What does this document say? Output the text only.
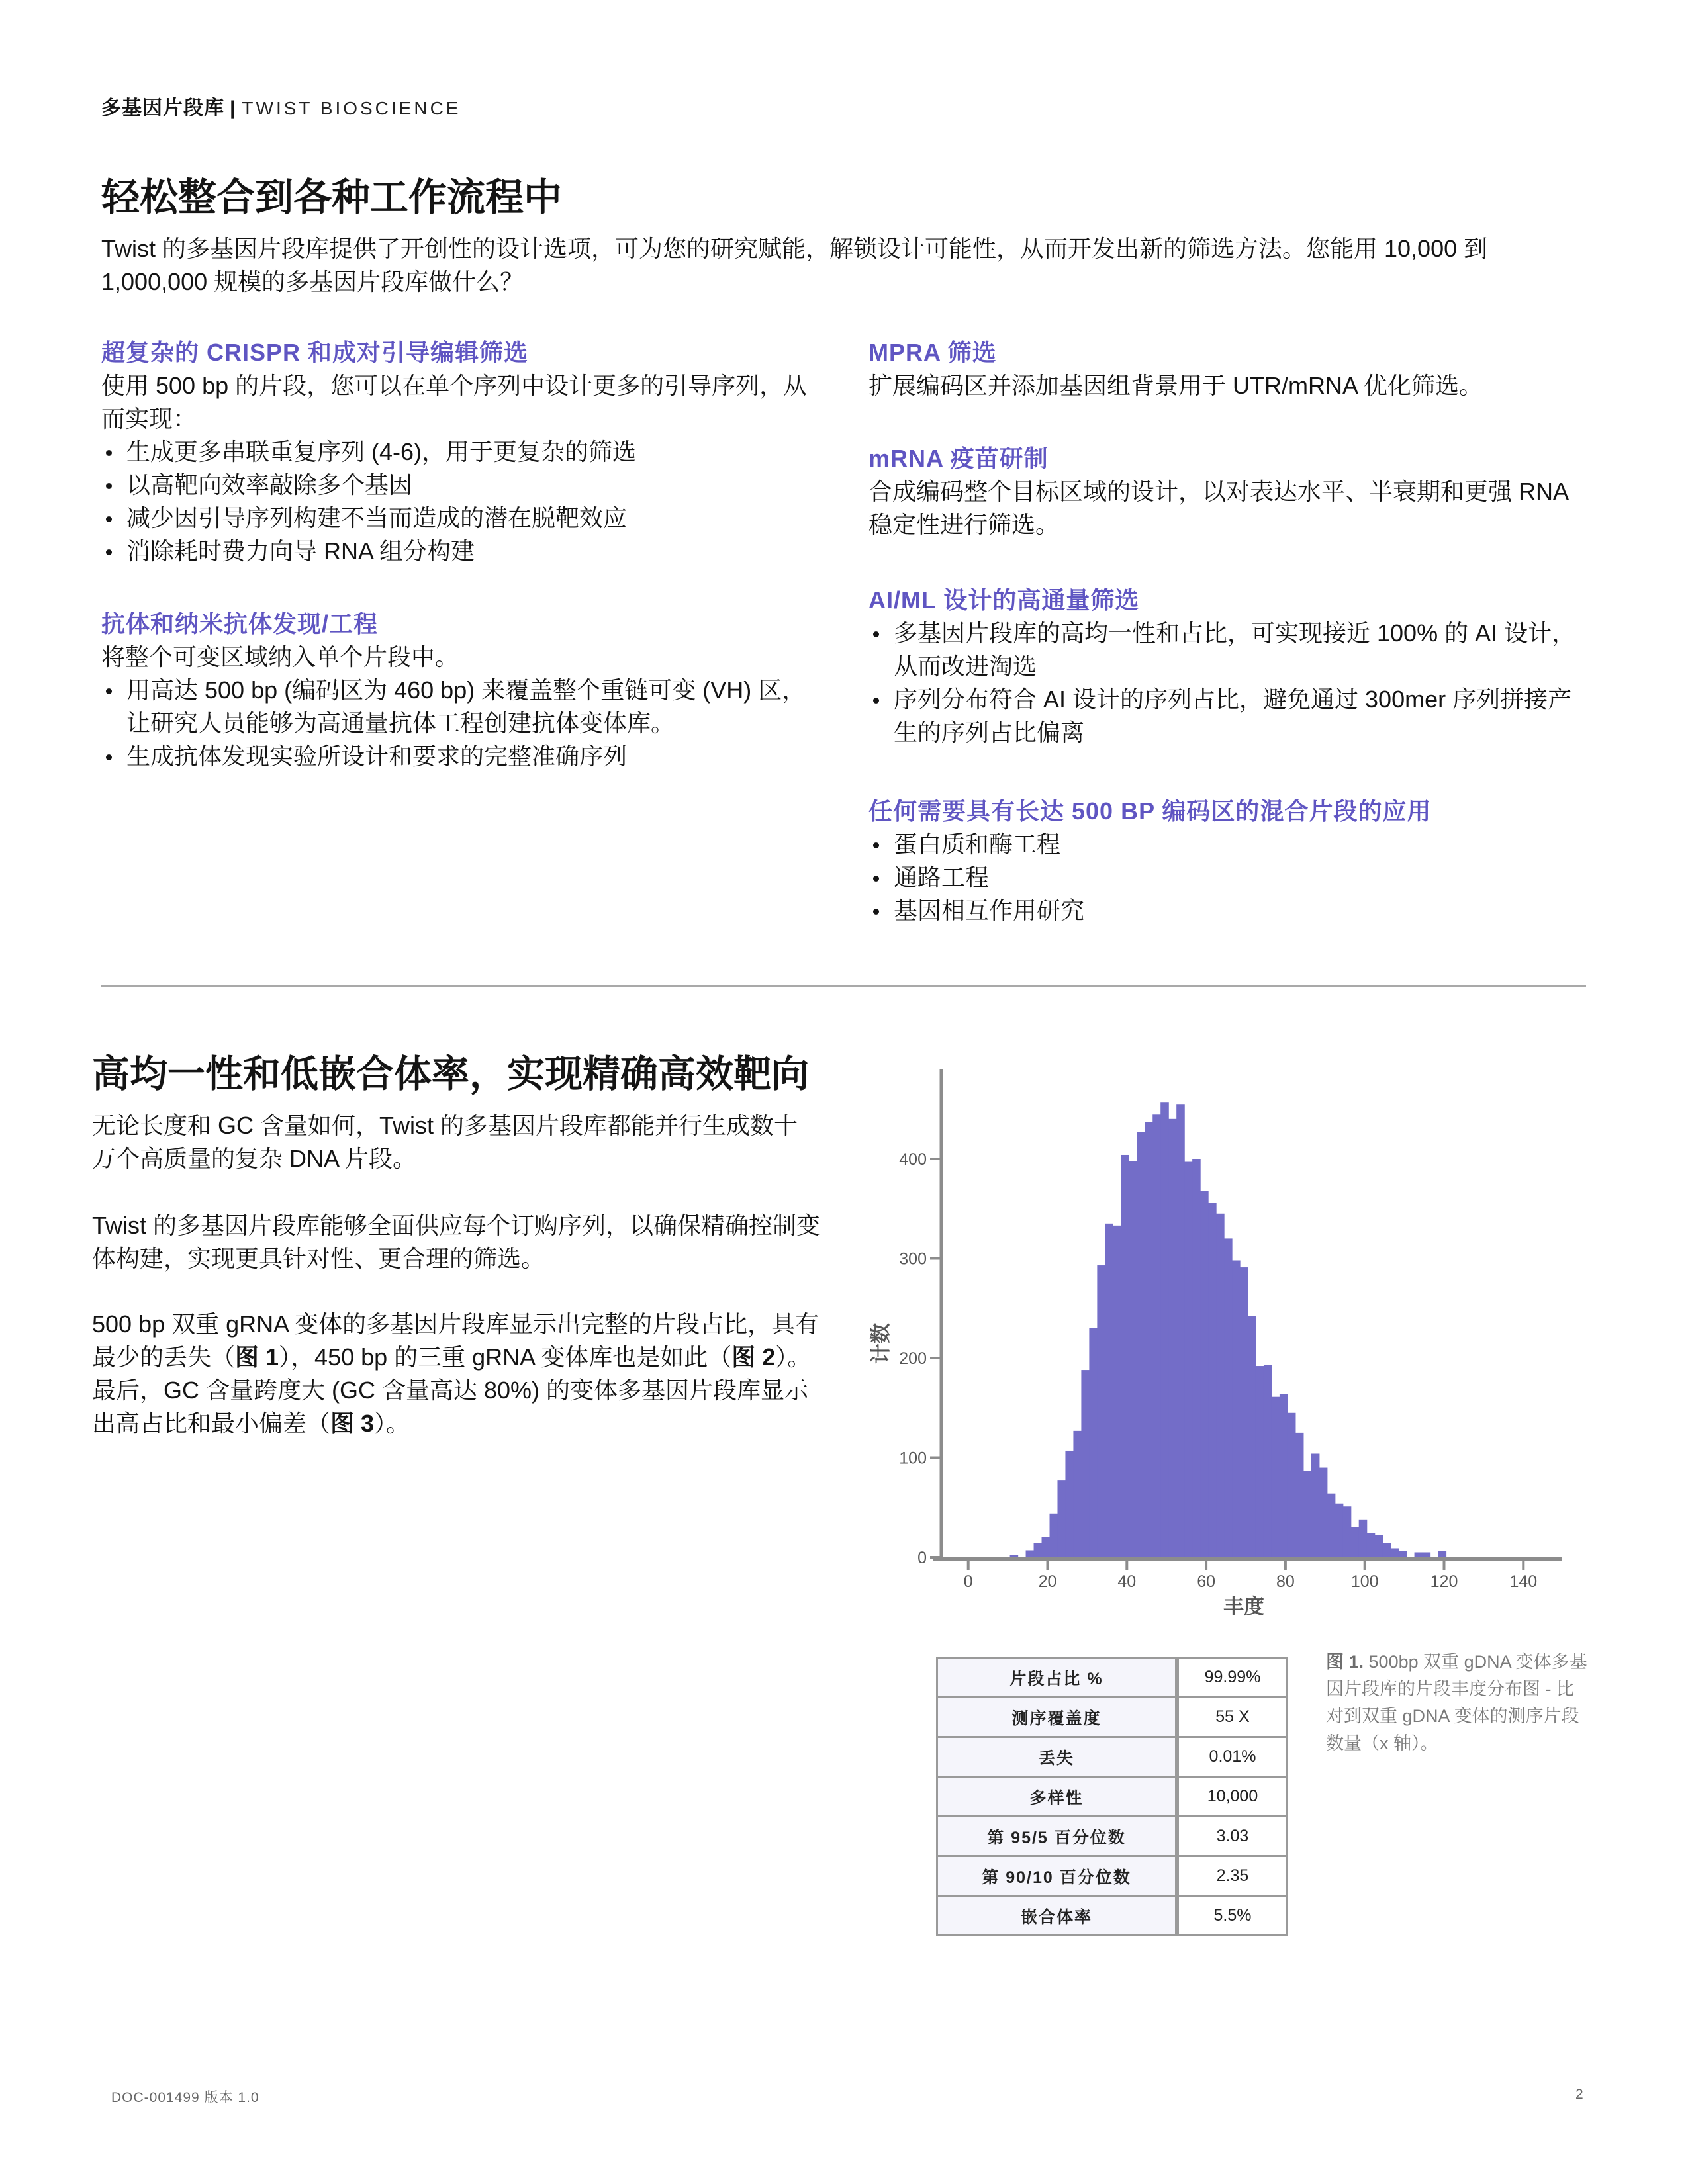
多基因片段库 | TWIST BIOSCIENCE
轻松整合到各种工作流程中
Twist 的多基因片段库提供了开创性的设计选项，可为您的研究赋能，解锁设计可能性，从而开发出新的筛选方法。您能用 10,000 到 1,000,000 规模的多基因片段库做什么？
超复杂的 CRISPR 和成对引导编辑筛选

使用 500 bp 的片段，您可以在单个序列中设计更多的引导序列，从而实现：

生成更多串联重复序列 (4-6)，用于更复杂的筛选
以高靶向效率敲除多个基因
减少因引导序列构建不当而造成的潜在脱靶效应
消除耗时费力向导 RNA 组分构建
抗体和纳米抗体发现/工程

将整个可变区域纳入单个片段中。

用高达 500 bp (编码区为 460 bp) 来覆盖整个重链可变 (VH) 区，让研究人员能够为高通量抗体工程创建抗体变体库。
生成抗体发现实验所设计和要求的完整准确序列
MPRA 筛选

扩展编码区并添加基因组背景用于 UTR/mRNA 优化筛选。

mRNA 疫苗研制

合成编码整个目标区域的设计，以对表达水平、半衰期和更强 RNA 稳定性进行筛选。

AI/ML 设计的高通量筛选
多基因片段库的高均一性和占比，可实现接近 100% 的 AI 设计，从而改进淘选
序列分布符合 AI 设计的序列占比，避免通过 300mer 序列拼接产生的序列占比偏离
任何需要具有长达 500 BP 编码区的混合片段的应用
蛋白质和酶工程
通路工程
基因相互作用研究
高均一性和低嵌合体率，实现精确高效靶向

无论长度和 GC 含量如何，Twist 的多基因片段库都能并行生成数十万个高质量的复杂 DNA 片段。

Twist 的多基因片段库能够全面供应每个订购序列，以确保精确控制变体构建，实现更具针对性、更合理的筛选。

500 bp 双重 gRNA 变体的多基因片段库显示出完整的片段占比，具有最少的丢失（图 1），450 bp 的三重 gRNA 变体库也是如此（图 2）。最后，GC 含量跨度大 (GC 含量高达 80%) 的变体多基因片段库显示出高占比和最小偏差（图 3）。

0	20	40	60	80	100	120	140
0
100
200
300
400
丰度
计数
片段占比 %	99.99%
测序覆盖度	55 X
丢失	0.01%
多样性	10,000
第 95/5 百分位数	3.03
第 90/10 百分位数	2.35
嵌合体率	5.5%
图 1. 500bp 双重 gDNA 变体多基因片段库的片段丰度分布图 - 比对到双重 gDNA 变体的测序片段数量（x 轴）。
DOC-001499 版本 1.0	2
